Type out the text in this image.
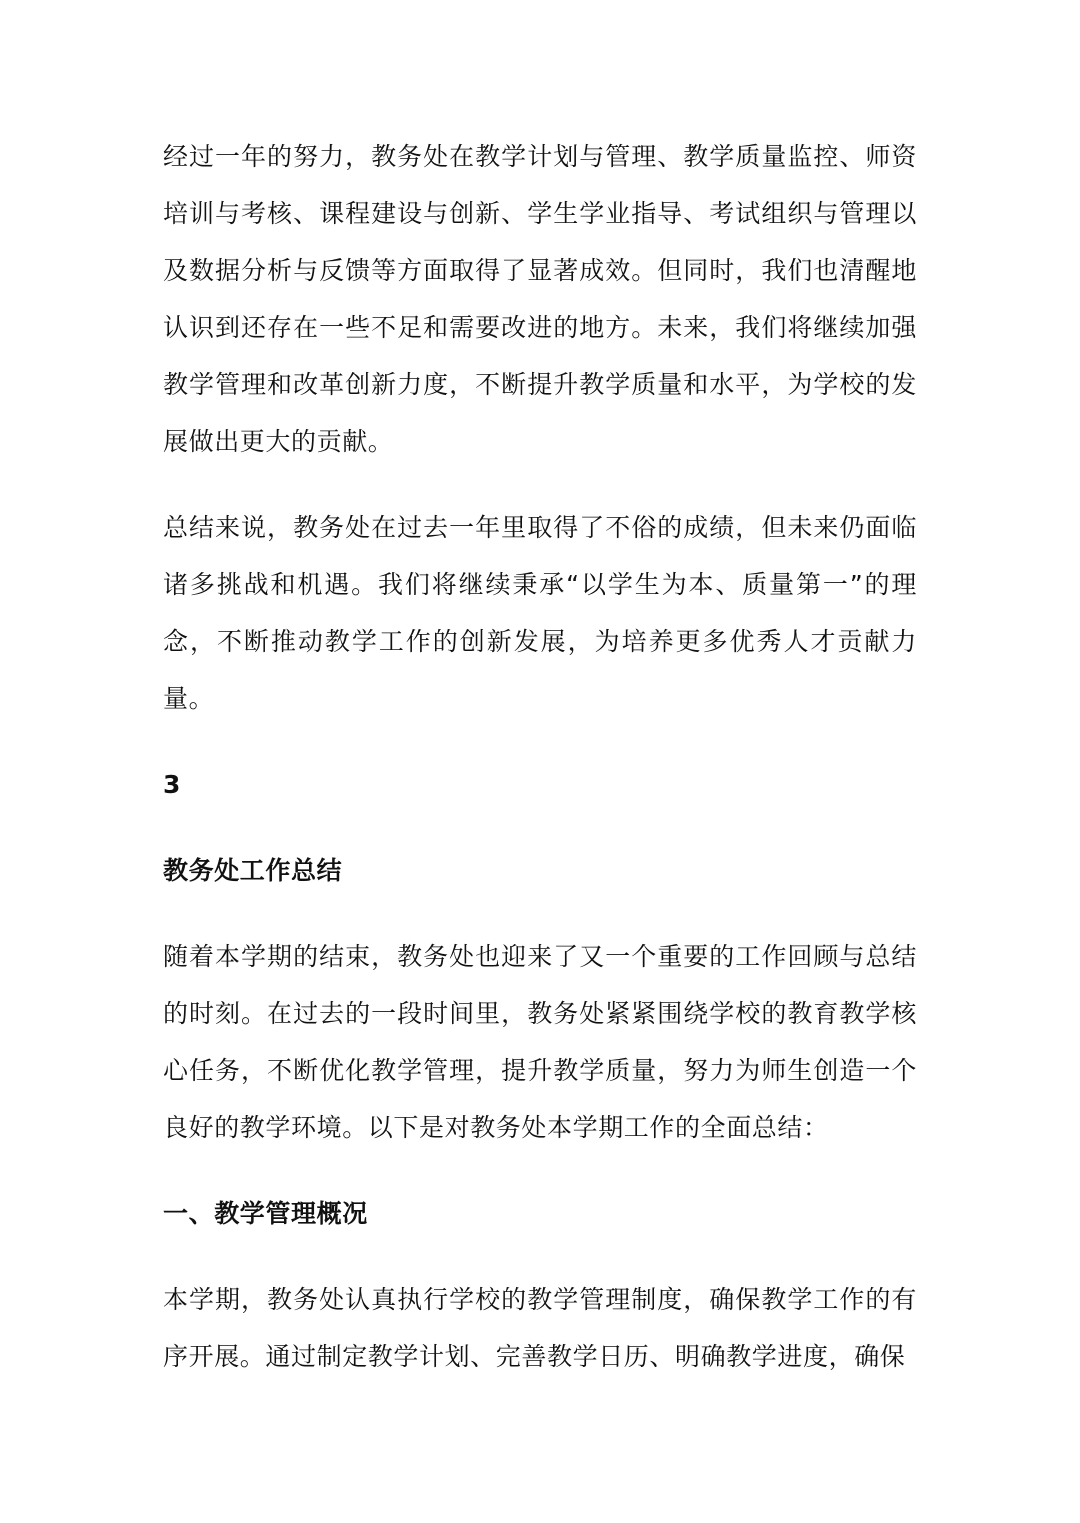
经过一年的努力，教务处在教学计划与管理、教学质量监控、师资培训与考核、课程建设与创新、学生学业指导、考试组织与管理以及数据分析与反馈等方面取得了显著成效。但同时，我们也清醒地认识到还存在一些不足和需要改进的地方。未来，我们将继续加强教学管理和改革创新力度，不断提升教学质量和水平，为学校的发展做出更大的贡献。

总结来说，教务处在过去一年里取得了不俗的成绩，但未来仍面临诸多挑战和机遇。我们将继续秉承“以学生为本、质量第一”的理念，不断推动教学工作的创新发展，为培养更多优秀人才贡献力量。

3

教务处工作总结

随着本学期的结束，教务处也迎来了又一个重要的工作回顾与总结的时刻。在过去的一段时间里，教务处紧紧围绕学校的教育教学核心任务，不断优化教学管理，提升教学质量，努力为师生创造一个良好的教学环境。以下是对教务处本学期工作的全面总结：

一、教学管理概况

本学期，教务处认真执行学校的教学管理制度，确保教学工作的有序开展。通过制定教学计划、完善教学日历、明确教学进度，确保
